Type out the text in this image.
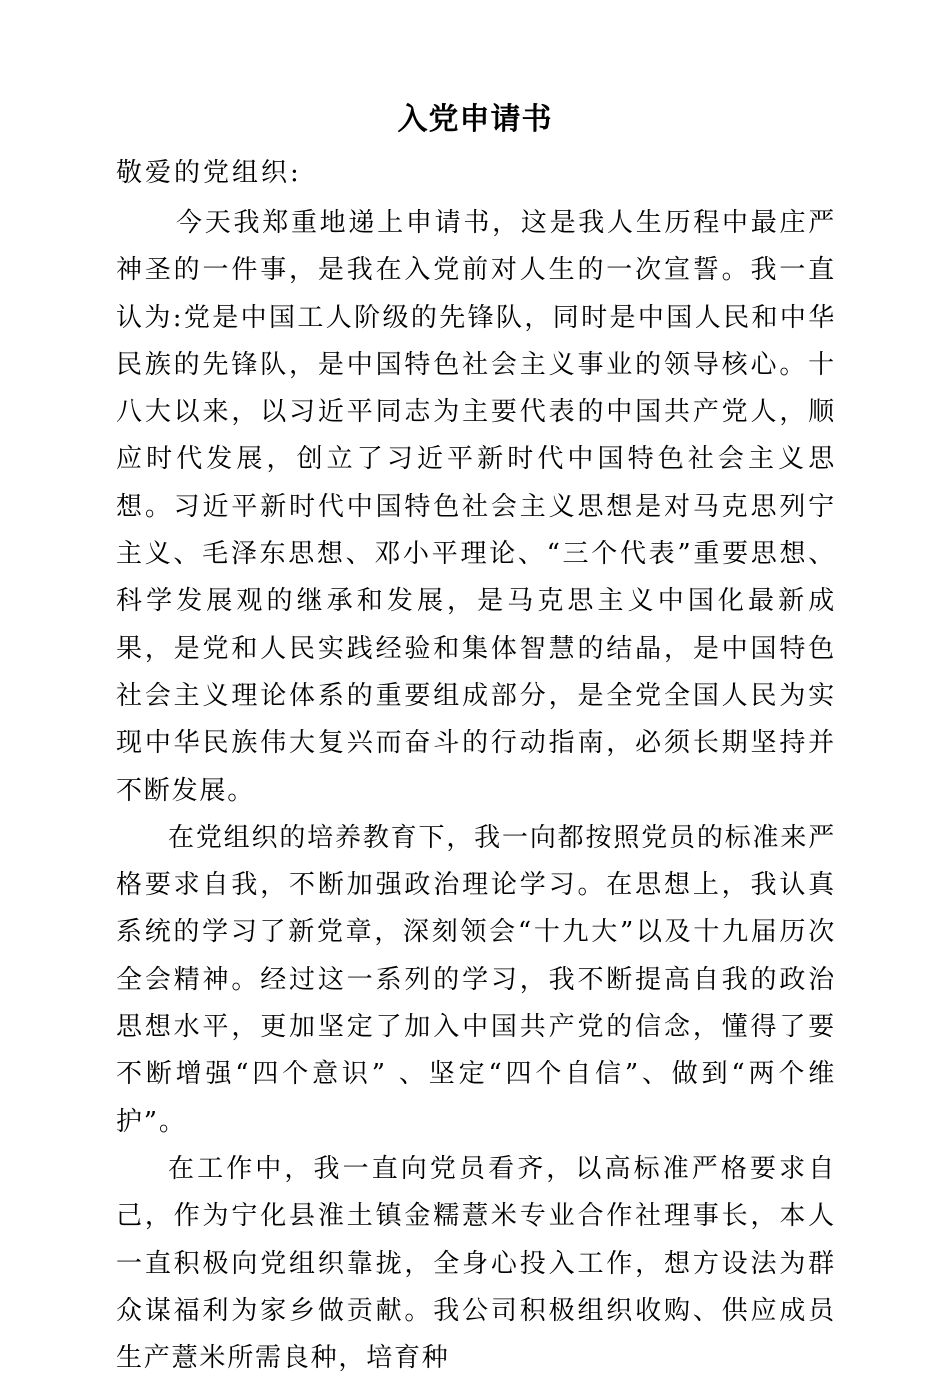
入党申请书
敬爱的党组织:

今天我郑重地递上申请书，这是我人生历程中最庄严神圣的一件事，是我在入党前对人生的一次宣誓。我一直认为:党是中国工人阶级的先锋队，同时是中国人民和中华民族的先锋队，是中国特色社会主义事业的领导核心。十八大以来，以习近平同志为主要代表的中国共产党人，顺应时代发展，创立了习近平新时代中国特色社会主义思想。习近平新时代中国特色社会主义思想是对马克思列宁主义、毛泽东思想、邓小平理论、“三个代表”重要思想、科学发展观的继承和发展，是马克思主义中国化最新成果，是党和人民实践经验和集体智慧的结晶，是中国特色社会主义理论体系的重要组成部分，是全党全国人民为实现中华民族伟大复兴而奋斗的行动指南，必须长期坚持并不断发展。

在党组织的培养教育下，我一向都按照党员的标准来严格要求自我，不断加强政治理论学习。在思想上，我认真系统的学习了新党章，深刻领会“十九大”以及十九届历次全会精神。经过这一系列的学习，我不断提高自我的政治思想水平，更加坚定了加入中国共产党的信念，懂得了要不断增强“四个意识” 、坚定“四个自信”、做到“两个维护”。

在工作中，我一直向党员看齐，以高标准严格要求自己，作为宁化县淮土镇金糯薏米专业合作社理事长，本人一直积极向党组织靠拢，全身心投入工作，想方设法为群众谋福利为家乡做贡献。我公司积极组织收购、供应成员生产薏米所需良种，培育种
